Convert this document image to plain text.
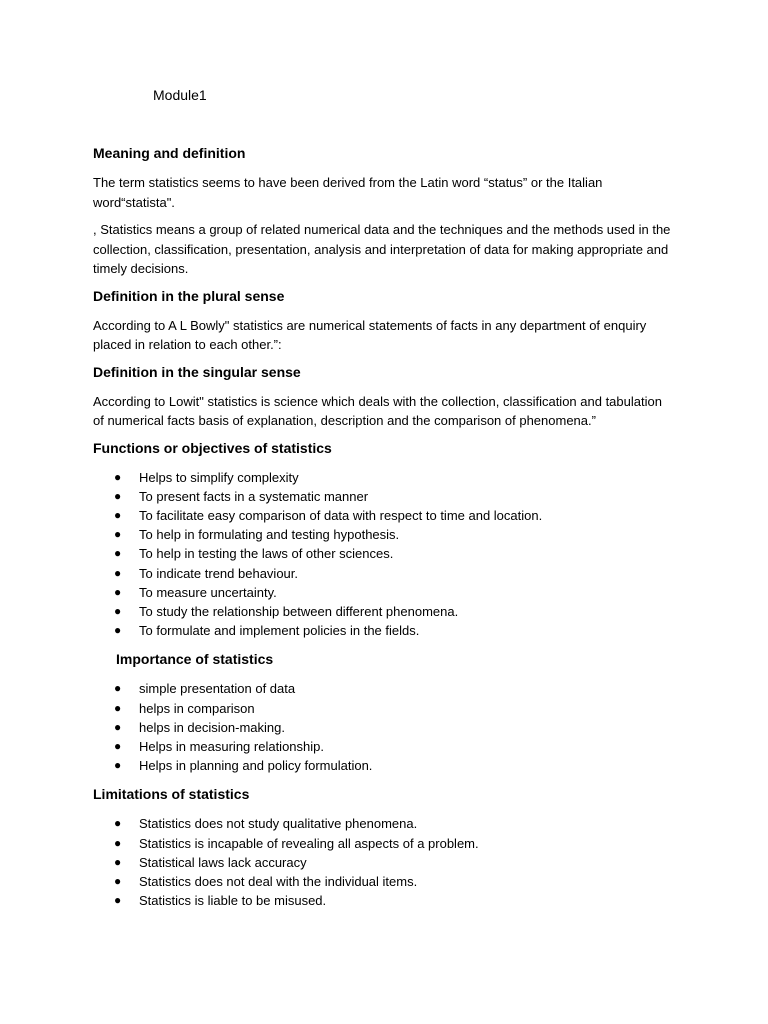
Module1
Meaning and definition

The term statistics seems to have been derived from the Latin word “status” or the Italian word“statista".

, Statistics means a group of related numerical data and the techniques and the methods used in the collection, classification, presentation, analysis and interpretation of data for making appropriate and timely decisions.

Definition in the plural sense

According to A L Bowly" statistics are numerical statements of facts in any department of enquiry placed in relation to each other.”:

Definition in the singular sense

According to Lowit" statistics is science which deals with the collection, classification and tabulation of numerical facts basis of explanation, description and the comparison of phenomena.”

Functions or objectives of statistics
● Helps to simplify complexity
● To present facts in a systematic manner
● To facilitate easy comparison of data with respect to time and location.
● To help in formulating and testing hypothesis.
● To help in testing the laws of other sciences.
● To indicate trend behaviour.
● To measure uncertainty.
● To study the relationship between different phenomena.
● To formulate and implement policies in the fields.
Importance of statistics
● simple presentation of data
● helps in comparison
● helps in decision-making.
● Helps in measuring relationship.
● Helps in planning and policy formulation.
Limitations of statistics
● Statistics does not study qualitative phenomena.
● Statistics is incapable of revealing all aspects of a problem.
● Statistical laws lack accuracy
● Statistics does not deal with the individual items.
● Statistics is liable to be misused.
